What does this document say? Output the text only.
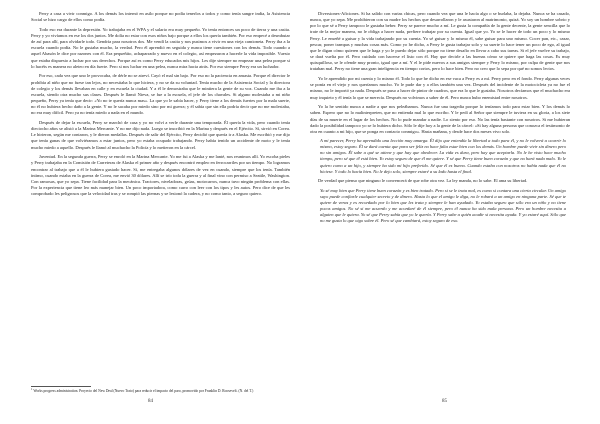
Perry a casa a vivir conmigo. A los demás los internó en asilo porque no podía tenerlos a todos y como tenía sangre india, la Asistencia Social se hizo cargo de ellos como podía.

Todo eso era durante la depresión. Yo trabajaba en el WPA y el salario era muy pequeño. Yo tenía entonces un poco de tierra y una casita. Perry y yo vivíamos en ese los dos juntos. Me dolía no estar con esos niños bajo porque a ellos los quería también. Por eso empecé a desmbutar de así para allí, para olvidarle todo. Gendría para nosotros dos. Me vendí la casita y nos pusimos a vivir en una vieja camioneta. Perry iba a la escuela cuando podía. No le gustaba mucho, la verdad. Pero él aprendió en seguida y nunca tiene cuestiones con los demás. Todo cuando a aquel Abasón le dice por razones con él. Era pequeñito, achaparrado y nuevo en el colegio, así empezaron a hacerle la vida imposible. Vuesto que estaba dispuesto a luchar por sus derechos. Porque así es como Perry educados mis hijos. Les dije siempre no empezar una pelea porque si lo hacéis es manera no aleteo en día fuerte. Pero si nos luchar en una pelea, nunca mira hacia atrás. Por eso siempre Perry era un luchador.

Por eso, cada vez que uno le provocaba, de dérle no se atreví. Cayó el mal sin bajo. Por eso no la paciencia en amasta. Porque el director le prohibía al niño que no fuese tan lejos, no necesitaba lo que hiciera, y no se da su voluntad. Tenía mucho de la Asistencia Social y la directora de colegio y los demás llevaban en calle y en escuela la ciudad. Y a él le demostraba que le mintiera la gente de su voz. Cuando me iba a la escuela, siendo otra mucho sus clases. Después le llamó Nieva, se fue a la escuela, el jefe de los chavales. Si alguno molestaba a mi niño pequeño, Perry ya tenía que decir: «Yo no te quería nunca mas». La que yo le sabía hacer, y Perry tiene a los demás fuertes por la mala suerte, no él no hubiera hecho daño a la gente. Y no le sacaba por miedo sino por mi guerra; y él sabía que sin ella podría decir que no me molestaba, no era muy difícil. Pero ya no tenía miedo a nada en el mundo.

Después de dejar la escuela, Perry se marchó de casa y yo no volví a verle durante una temporada. Él quería la vida, pero cuando tenía dieciocho años se alistó a la Marina Mercante. Y no me dijo nada. Luego se inscribió en la Marina y después en el Ejército. Sí, sirvió en Corea. Le hirieron, según me contaron, y le dieron medallas. Después de salir del Ejército, Perry decidió que quería ir a Alaska. Me escribió y me dijo que tenía ganas de que volviéramos a estar juntos, pero yo estaba ocupado trabajando. Perry había tenido un accidente de moto y le tenía mucho miedo a aquello. Después le llamó al muchacho la Policía y lo metieron en la cárcel.

Juventud. En la segunda guerra, Perry se enroló en la Marina Mercante. Yo me fui a Alaska y me lanté, nos reunimos allí. Yo escoba pieles y Perry trabajaba en la Comisión de Carreteras de Alaska el primer año y después encontró empleo en ferrocarriles por un tiempo. No logramos encontrar al trabajo que a él le hubiera gustado hacer. Sí, me entregaba algunos dólares de vez en cuando, siempre que los tenía. También íntimo, cuando estaba en la guerra de Corea, me envió 30 dólares. Allí se trío toda la guerra y al final vino con permiso a Seattle, Washington. Con ramosas, que yo sepa. Tiene facilidad para la mecánica. Tractores, niveladoras, grúas, motocarros, nunca tuvo ningún problema con ellas. Por la experiencia que tiene leo más manejar bien. Un poco importadora, como carro con leer con los tipos y les autos. Pero dice de que les comprobado les peligrosos que la velocidad tras y se rompió las piernas y se lesionó la cadera, y no como tanto, a seguro quiero.

$^1$ Works progress administration. Proyecto del New Deal (Nuevo Trato) para reducir el impacto del paro, promovido por Franklin D. Roosevelt. (N. del T.)
84

Diversiones-Aficiones. Si ha salido con varias chicas, pero cuando vea que una le hacía algo o se burlaba, la dejaba. Nunca se ha casado, nunca, que yo sepa. Me prohibieron con su madre los hechos que desarrollaron y le asustaron al matrimonio, quizá. Yo soy un hombre sobrio y por lo que sé a Perry tampoco le gustaba beber. Perry se parece mucho a mí. Le gusta la compañía de la gente decente, la gente sencilla que lo trate de la mejor manera, no le obliga a hacer nada, prefiere trabajar por su cuenta. Igual que yo. Yo se le hacer de todo un poco y lo mismo Perry. Le enseñé a guisar y la vida trabajando por su cuenta. Yo sé guisar y lo mismo él, sabe guisar para uno mismo. Cocer pan, etc., cazar, pescar, poner trampas y muchas cosas más. Como yo he dicho, a Perry le gusta trabajar solo y su suerte lo hace tener un poco de ego, al igual que le digan cómo quieren que le haga y yo le puedo dejar sólo porque no tiene desafío en llevar a cabo sus tareas. Si el jefe vuelve su trabajo, se dará vuelta por él. Pero cuidado con hacerse el listo con él. Hay que decirle a las buenas cómo se quiere que haga las cosas. Es muy quisquilloso, se le ofende muy pronto, igual que a mí. Y el le pide nuevos a sus amigos siempre y Perry lo mismo, por culpa de gente que nos trataban mal. Perry no tiene una gran inteligencia en tiempo cortos, pero lo hace bien. Pero no creo que lo sepa por qué no somos lectos.

Yo le aprendido por mi cuenta y lo mismo él. Todo lo que he dicho en ese vaca a Perry es a mí. Perry pero en el fondo. Perry algunas veces se ponía en el viejo y nos queríamos mucho. Yo le pude dar y a ellos también una vez. Después del incidente de la motocicleta ya no fue el mismo, no le importó ya nada. Después se puso a hacer de pintor de cuadros, que era lo que le gustaba. Nosotros decíamos que el muchacho era muy inquieto y él tenía lo que se merecía. Después no volvimos a saber de él. Pero nunca hubo enemistad entre nosotros.

Yo la he sentido nunca a nadie a que nos peleábamos. Nunca fue una tragedia porque lo teníamos todo para estar bien. Y los demás lo saben. Espero que no lo malinterpreten, que no entienda mal lo que escribo. Y le pedí al Señor que siempre le tuviera en su gloria, a los siete días de su muerte en el lugar de los hechos. No lo pude mandar a nadie. Lo siento por eso. No las tenía bastante con nosotros. Si me hubieran dado la posibilidad tampoco yo se lo hubiera dicho. Sólo le dije hoy a la gente de la cárcel: «Si hay alguna persona que conozca el testimonio de otra en cuanto a mi hijo, que se ponga en contacto conmigo». Hasta mañana, y desde hace dos meses vivo solo.

A mi parecer, Perry ha aprendido una lección muy amarga. Él dijo que entendía la libertad a todo para él, y no le volverá a ocurrir lo mismo, estoy seguro. Él se dará cuenta que para ser feliz no hace falta estar bien con los demás. Un hombre puede vivir sin dinero pero no sin amigos. Él sabe a qué se atiene y que hay que obedecer. La vida es dura, pero hay que aceptarla. No le he visto hace mucho tiempo, pero sé que él está bien. Yo estoy seguro de que él me quiere. Y sé que Perry tiene buen corazón y que no hará nada malo. Yo le quiero como a un hijo, y siempre ha sido mi hijo preferido. Sé que él es bueno. Cuando estaba con nosotros no había nada que él no hiciese. Y todo lo hacía bien. No le dejo solo, siempre estaré a su lado hasta el final.

De verdad que pienso que ninguno le convencerá de que robe otra vez. La ley manda, no lo sabe. El ama su libertad.

Yo sé muy bien que Perry tiene buen corazón y es bien tratado. Pero si se le trata mal, es como si contara una cierta circular. Un amigo suyo puede confiarle cualquier secreto y de dinero. Hasta lo que el amigo le diga, no le robará a un amigo en ninguna parte. Sé que te quiere de veras y es recordado por lo bien que les trata y siempre le han ayudado. Yo estaba seguro que sólo era un niño y no tiene pocos amigos. No sé si me acuerdo y me acordaré de él siempre, pero él nunca ha sido mala persona. Pero un hombre necesita a alguien que le quiera. Yo sé que Perry sabía que yo le quería. Y Perry sabe a quién acudir si necesita ayuda. Y yo estaré aquí. Sólo que no me gusta lo que oigo sobre él. Pero sé que cambiará, estoy seguro de eso.

85
